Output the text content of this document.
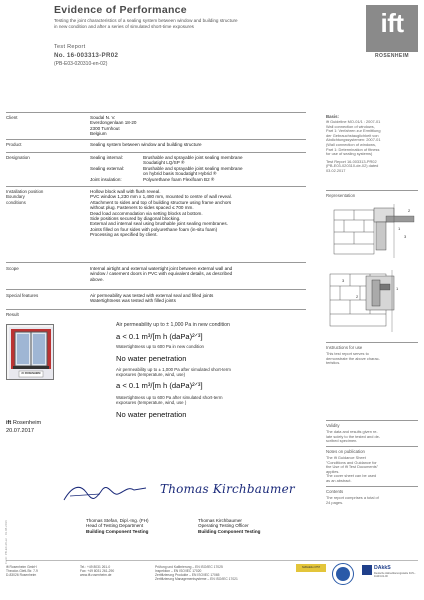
Evidence of Performance
Testing the joint characteristics of a sealing system between window and building structure
in new condition and after a series of simulated short-time exposures
Test Report
No. 16-003313-PR02
(PB-E03-020310-en-02)
ift
ROSENHEIM
Client	Soudal N. V.
Everdongenlaan 18-20
2300 Turnhout
Belgium
Product	Sealing system between window and building structure
Designation	Sealing internal:	Brushable and sprayable joint sealing membrane
Soudatight LQ/SP ®
Sealing external:	Brushable and sprayable joint sealing membrane
on hybrid basis Soudatight Hybrid ®
Joint insulation:	Polyurethane foam Flexifoam B2 ®
Installation position
Boundary
conditions
Hollow block wall with flush reveal.
PVC window 1,230 mm x 1,480 mm, mounted to centre of wall reveal.
Attachment to sides and top of building structure using frame anchors
without plug. Fasteners to sides spaced ≤ 700 mm.
Dead load accommodation via setting blocks at bottom.
Side positions secured by diagonal blocking.
External and internal seal using brushable joint sealing membranes.
Joints filled on four sides with polyurethane foam (in-situ foam)
Processing as specified by client.
Scope	Internal airtight and external watertight joint between external wall and
window / casement doors in PVC with equivalent details, as described
above.
Special features	Air permeability was tested with external seal and filled joints
Watertightness was tested with filled joints
Result
ift ROSENHEIM
Air permeability up to ± 1,000 Pa in new condition
a < 0.1 m³/[m h (daPa)²ᐟ³]
Watertightness up to 600 Pa in new condition
No water penetration
Air permeability up to ± 1,000 Pa after simulated short-term
exposures (temperature, wind, use)
a < 0.1 m³/[m h (daPa)²ᐟ³]
Watertightness up to 600 Pa after simulated short-term
exposures (temperature, wind, use )
No water penetration
ift Rosenheim
20.07.2017
Thomas Kirchbaumer
Thomas Stefan, Dipl.-Ing. (FH)
Head of Testing Department
Building Component Testing
Thomas Kirchbaumer
Operating Testing Officer
Building Component Testing
Basis:
ift Guideline MO-01/1 : 2007-01
Wall connection of windows,
Part 1: Verfahren zur Ermittlung
der Gebrauchstauglichkeit von
Abdichtungssystemen: 2007-01
(Wall connection of windows,
Part 1: Determination of fitness
for use of sealing systems)
Test Report 16-003313-PR02
(PB-E03-020310-de-02) dated
03.02.2017
Representation
2
1
3
3
2
1
Instructions for use
This test report serves to
demonstrate the above charac-
teristics.
Validity
The data and results given re-
late solely to the tested and de-
scribed specimen.
Notes on publication
The ift Guidance Sheet
"Conditions and Guidance for
the Use of ift Test Documents"
applies.
The cover sheet can be used
as an abstract.
Contents
The report comprises a total of
24 pages.
ift Rosenheim GmbH
Theodor-Gietl-Str. 7-9
D-83026 Rosenheim
Tel.: +49 8031 261-0
Fax: +49 8031 261-290
www.ift-rosenheim.de
Prüfung und Kalibrierung – EN ISO/IEC 17025
Inspektion – EN ISO/IEC 17020
Zertifizierung Produkte – EN ISO/IEC 17065
Zertifizierung Managementsysteme – EN ISO/IEC 17021
NoBo/Ebo 0757	DAkkS
Deutsche Akkreditierungsstelle D-PL-11103-01-00
Form: PB-E0-28-en · 01.08.2016
